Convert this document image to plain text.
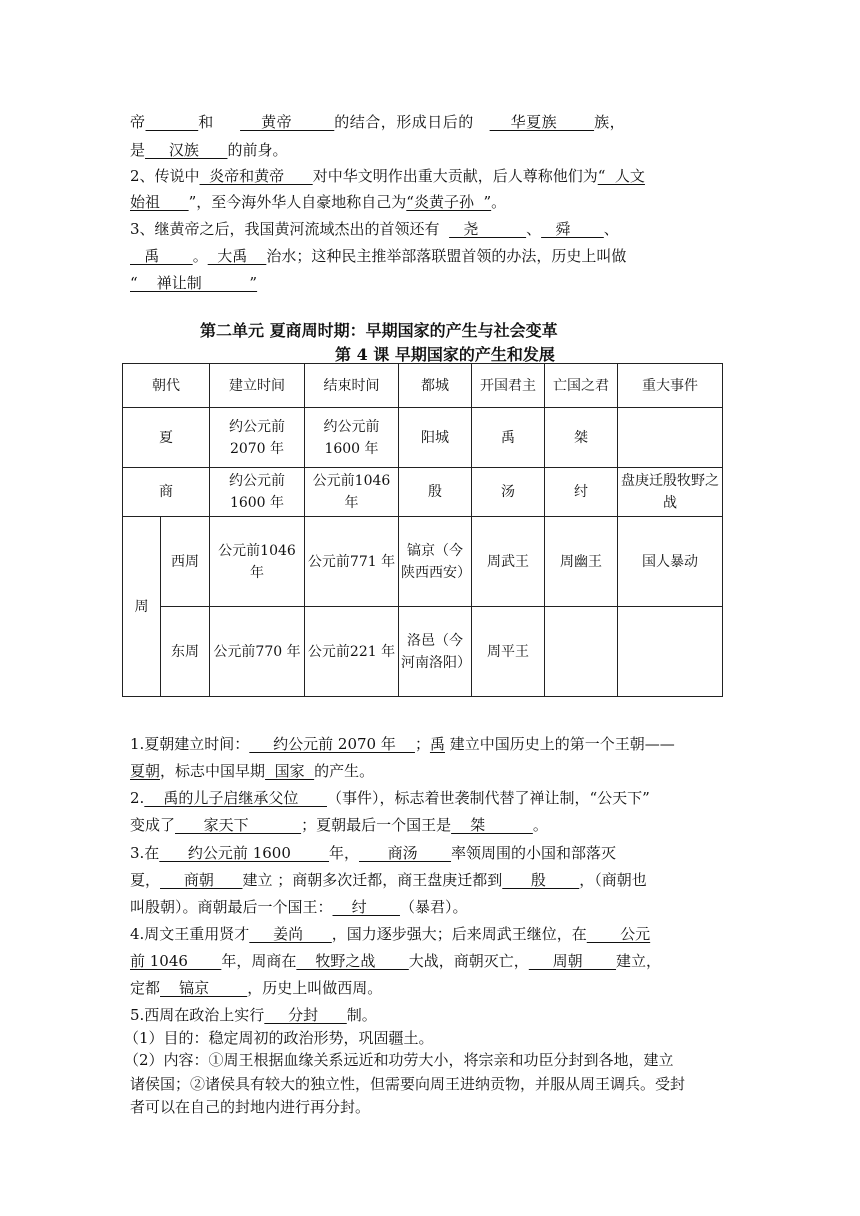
帝	和         黄帝        的结合，形成日后的       华夏族       族，
是     汉族      的前身。
2、传说中  炎帝和黄帝      对中华文明作出重大贡献，后人尊称他们为“  人文
始祖      ”，至今海外华人自豪地称自己为“炎黄子孙  ”。
3、继黄帝之后，我国黄河流域杰出的首领还有     尧          、   舜       、
禹       。  大禹    治水；这种民主推举部落联盟首领的办法，历史上叫做
“    禅让制          ”
第二单元 夏商周时期：早期国家的产生与社会变革
第 4 课 早期国家的产生和发展
朝代		建立时间	结束时间	都城	开国君主	亡国之君	重大事件
夏		约公元前2070 年	约公元前1600 年	阳城	禹	桀	
商		约公元前1600 年	公元前1046 年	殷	汤	纣	盘庚迁殷牧野之战
周	西周	公元前1046 年	公元前771 年	镐京（今陕西西安）	周武王	周幽王	国人暴动
	东周	公元前770 年	公元前221 年	洛邑（今河南洛阳）	周平王		
1.夏朝建立时间：     约公元前 2070 年    ；禹 建立中国历史上的第一个王朝——
夏朝，标志中国早期  国家  的产生。
2.    禹的儿子启继承父位      （事件），标志着世袭制代替了禅让制，“公天下”
变成了      家天下           ；夏朝最后一个国王是    桀          。
3.在      约公元前 1600        年，      商汤       率领周围的小国和部落灭
夏，     商朝      建立 ；商朝多次迁都，商王盘庚迁都到      殷       ，（商朝也
叫殷朝）。商朝最后一个国王：    纣       （暴君）。
4.周文王重用贤才     姜尚      ，国力逐步强大；后来周武王继位，在       公元
前 1046       年，周商在    牧野之战       大战，商朝灭亡，     周朝       建立，
定都    镐京        ，历史上叫做西周。
5.西周在政治上实行     分封      制。
（1）目的：稳定周初的政治形势，巩固疆土。
（2）内容：①周王根据血缘关系远近和功劳大小，将宗亲和功臣分封到各地，建立
诸侯国；②诸侯具有较大的独立性，但需要向周王进纳贡物，并服从周王调兵。受封
者可以在自己的封地内进行再分封。
